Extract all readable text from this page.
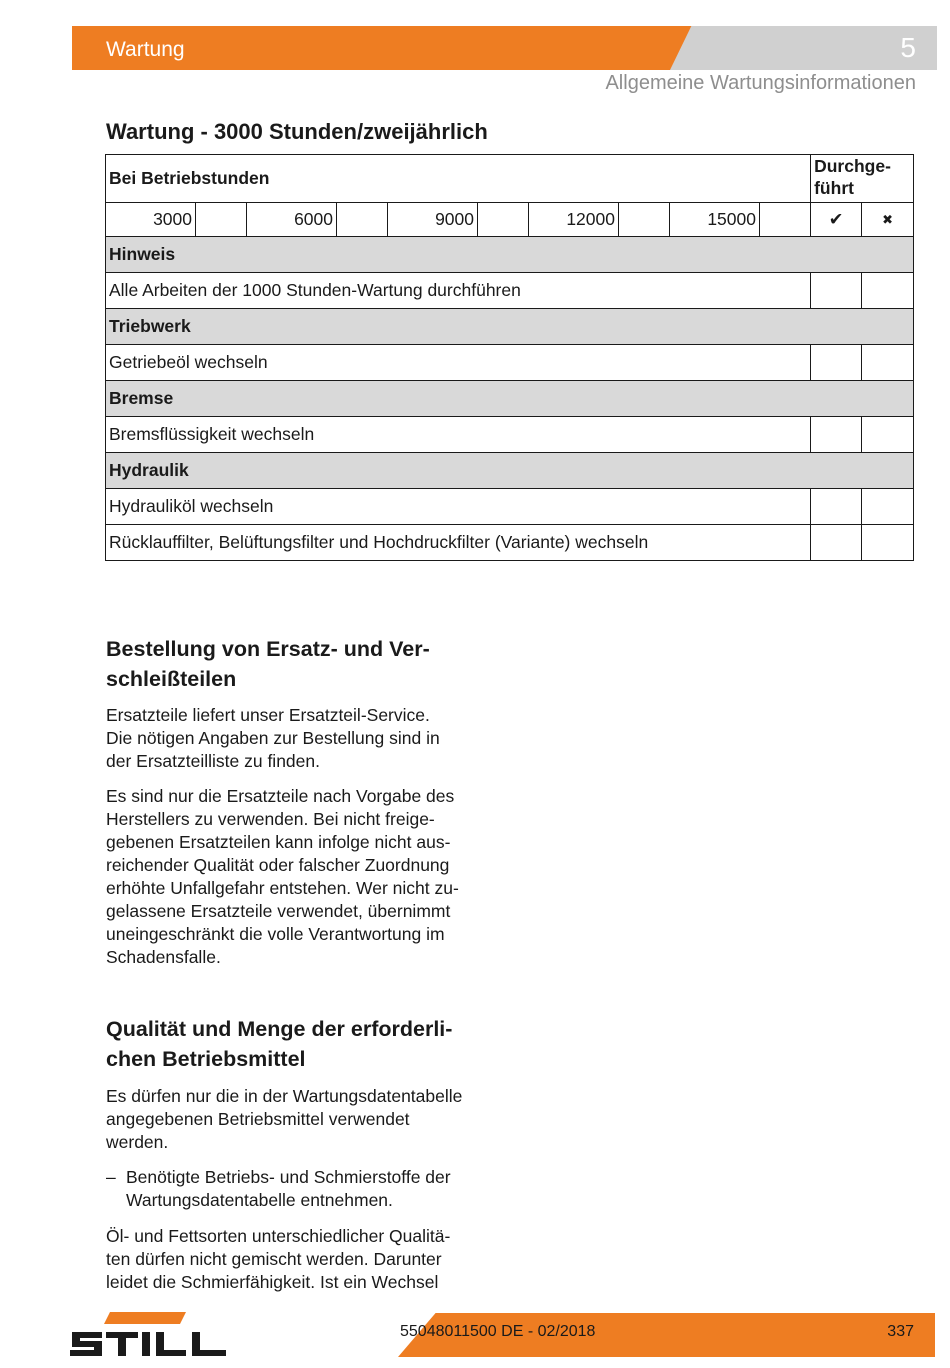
Wartung	5
Allgemeine Wartungsinformationen
Wartung - 3000 Stunden/zweijährlich
Bei Betriebstunden										Durchge-
führt	

3000		6000		9000		12000		15000		✔	✖
Hinweis											
Alle Arbeiten der 1000 Stunden-Wartung durchführen											
Triebwerk											
Getriebeöl wechseln											
Bremse											
Bremsflüssigkeit wechseln											
Hydraulik											
Hydrauliköl wechseln											
Rücklauffilter, Belüftungsfilter und Hochdruckfilter (Variante) wechseln											
Bestellung von Ersatz- und Ver-
schleißteilen
Ersatzteile liefert unser Ersatzteil-Service.
Die nötigen Angaben zur Bestellung sind in
der Ersatzteilliste zu finden.
Es sind nur die Ersatzteile nach Vorgabe des
Herstellers zu verwenden. Bei nicht freige-
gebenen Ersatzteilen kann infolge nicht aus-
reichender Qualität oder falscher Zuordnung
erhöhte Unfallgefahr entstehen. Wer nicht zu-
gelassene Ersatzteile verwendet, übernimmt
uneingeschränkt die volle Verantwortung im
Schadensfalle.
Qualität und Menge der erforderli-
chen Betriebsmittel
Es dürfen nur die in der Wartungsdatentabelle
angegebenen Betriebsmittel verwendet
werden.
– Benötigte Betriebs- und Schmierstoffe der
Wartungsdatentabelle entnehmen.
Öl- und Fettsorten unterschiedlicher Qualitä-
ten dürfen nicht gemischt werden. Darunter
leidet die Schmierfähigkeit. Ist ein Wechsel
55048011500 DE - 02/2018	337
